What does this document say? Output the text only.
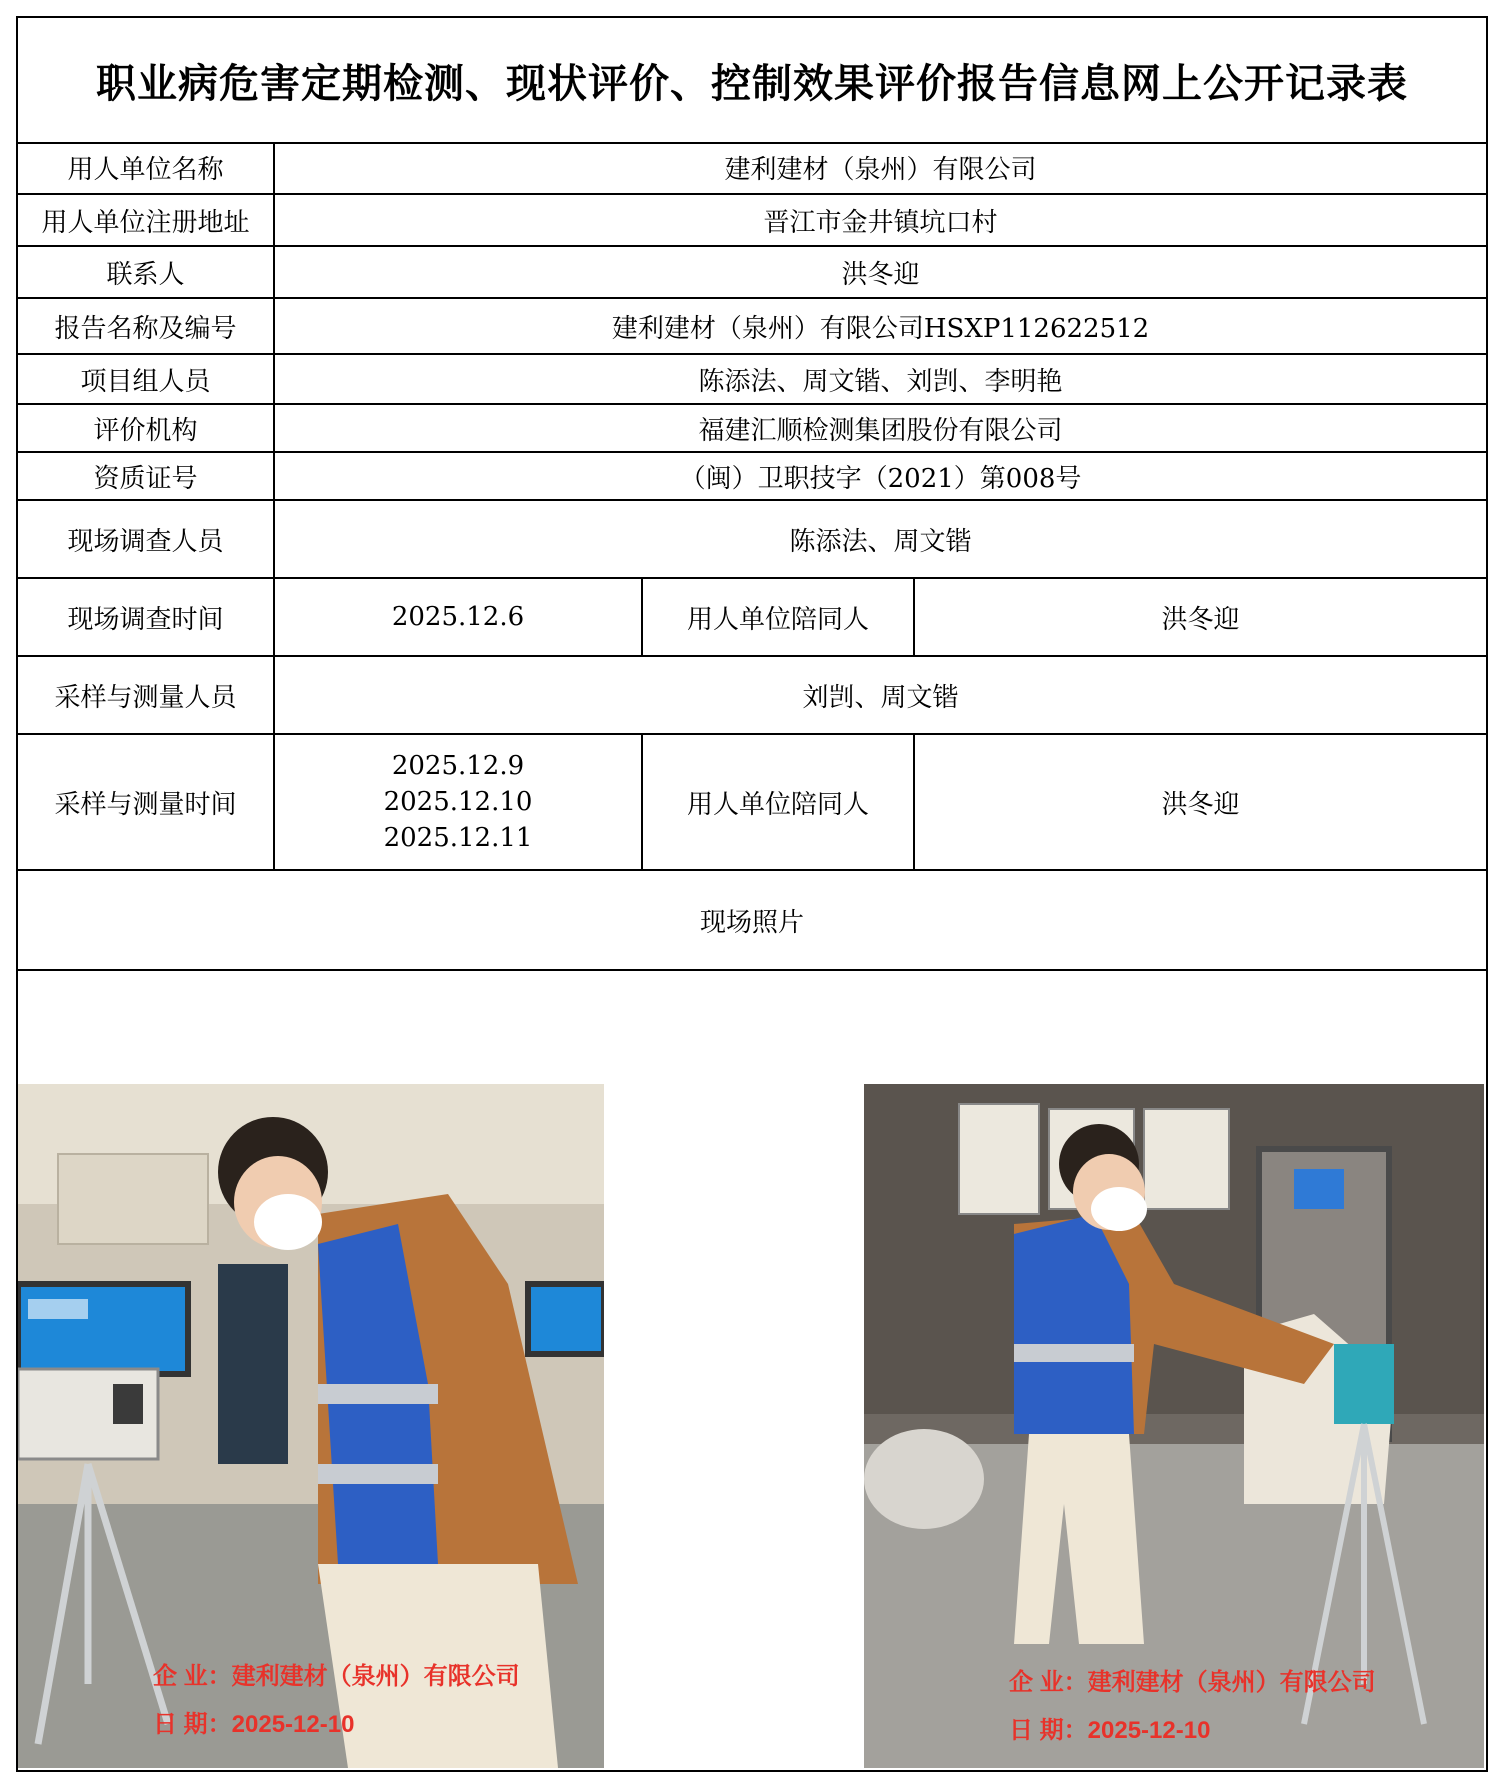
职业病危害定期检测、现状评价、控制效果评价报告信息网上公开记录表
用人单位名称	建利建材（泉州）有限公司		
用人单位注册地址	晋江市金井镇坑口村		
联系人	洪冬迎		
报告名称及编号	建利建材（泉州）有限公司HSXP112622512		
项目组人员	陈添法、周文锴、刘剀、李明艳		
评价机构	福建汇顺检测集团股份有限公司		
资质证号	（闽）卫职技字（2021）第008号		
现场调查人员	陈添法、周文锴		
现场调查时间	2025.12.6	用人单位陪同人	洪冬迎
采样与测量人员	刘剀、周文锴		
采样与测量时间	2025.12.9
2025.12.10
2025.12.11	用人单位陪同人	洪冬迎
现场照片			
企 业：建利建材（泉州）有限公司
日 期：2025-12-10
企 业：建利建材（泉州）有限公司
日 期：2025-12-10
